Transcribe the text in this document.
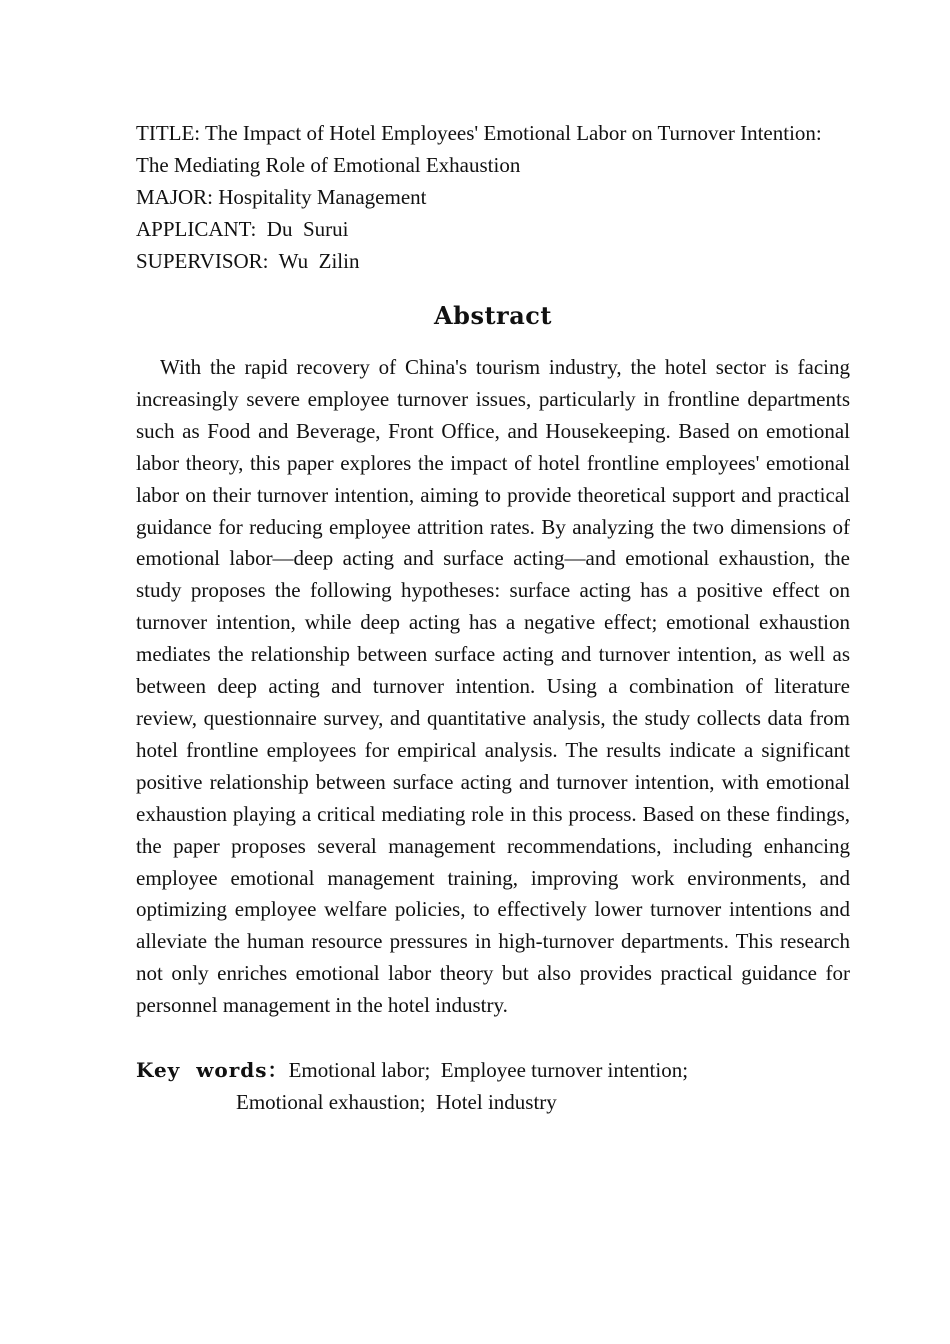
TITLE: The Impact of Hotel Employees' Emotional Labor on Turnover Intention:

The Mediating Role of Emotional Exhaustion

MAJOR: Hospitality Management

APPLICANT:  Du  Surui

SUPERVISOR:  Wu  Zilin

Abstract

With the rapid recovery of China's tourism industry, the hotel sector is facing increasingly severe employee turnover issues, particularly in frontline departments such as Food and Beverage, Front Office, and Housekeeping. Based on emotional labor theory, this paper explores the impact of hotel frontline employees' emotional labor on their turnover intention, aiming to provide theoretical support and practical guidance for reducing employee attrition rates. By analyzing the two dimensions of emotional labor—deep acting and surface acting—and emotional exhaustion, the study proposes the following hypotheses: surface acting has a positive effect on turnover intention, while deep acting has a negative effect; emotional exhaustion mediates the relationship between surface acting and turnover intention, as well as between deep acting and turnover intention. Using a combination of literature review, questionnaire survey, and quantitative analysis, the study collects data from hotel frontline employees for empirical analysis. The results indicate a significant positive relationship between surface acting and turnover intention, with emotional exhaustion playing a critical mediating role in this process. Based on these findings, the paper proposes several management recommendations, including enhancing employee emotional management training, improving work environments, and optimizing employee welfare policies, to effectively lower turnover intentions and alleviate the human resource pressures in high-turnover departments. This research not only enriches emotional labor theory but also provides practical guidance for personnel management in the hotel industry.

Key  words：Emotional labor;  Employee turnover intention;
Emotional exhaustion;  Hotel industry
